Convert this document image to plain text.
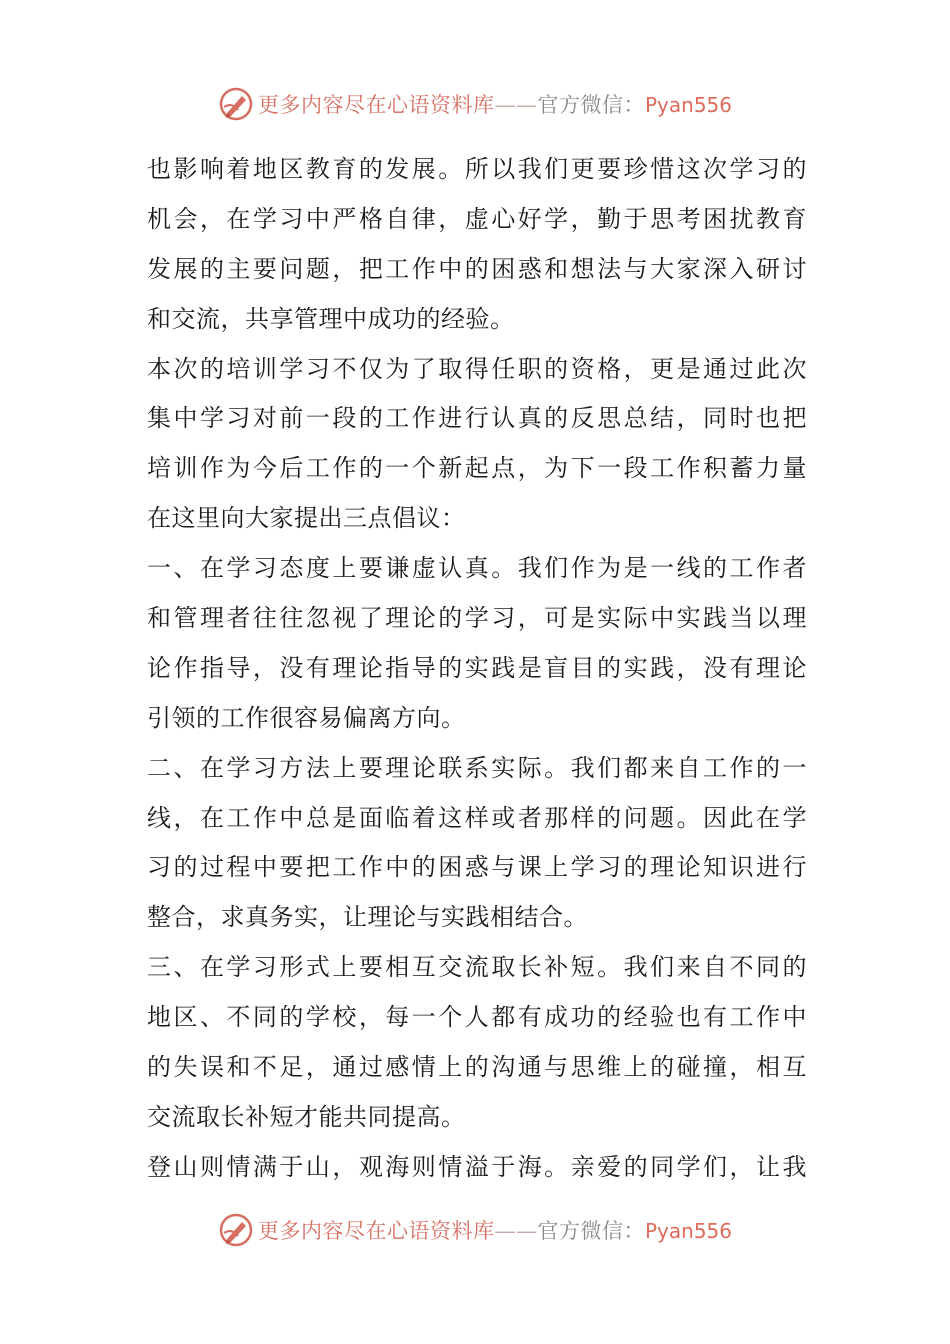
更多内容尽在心语资料库——官方微信：Pyan556
也影响着地区教育的发展。所以我们更要珍惜这次学习的
机会，在学习中严格自律，虚心好学，勤于思考困扰教育
发展的主要问题，把工作中的困惑和想法与大家深入研讨
和交流，共享管理中成功的经验。
本次的培训学习不仅为了取得任职的资格，更是通过此次
集中学习对前一段的工作进行认真的反思总结，同时也把
培训作为今后工作的一个新起点，为下一段工作积蓄力量
在这里向大家提出三点倡议：
一、在学习态度上要谦虚认真。我们作为是一线的工作者
和管理者往往忽视了理论的学习，可是实际中实践当以理
论作指导，没有理论指导的实践是盲目的实践，没有理论
引领的工作很容易偏离方向。
二、在学习方法上要理论联系实际。我们都来自工作的一
线，在工作中总是面临着这样或者那样的问题。因此在学
习的过程中要把工作中的困惑与课上学习的理论知识进行
整合，求真务实，让理论与实践相结合。
三、在学习形式上要相互交流取长补短。我们来自不同的
地区、不同的学校，每一个人都有成功的经验也有工作中
的失误和不足，通过感情上的沟通与思维上的碰撞，相互
交流取长补短才能共同提高。
登山则情满于山，观海则情溢于海。亲爱的同学们，让我
更多内容尽在心语资料库——官方微信：Pyan556
